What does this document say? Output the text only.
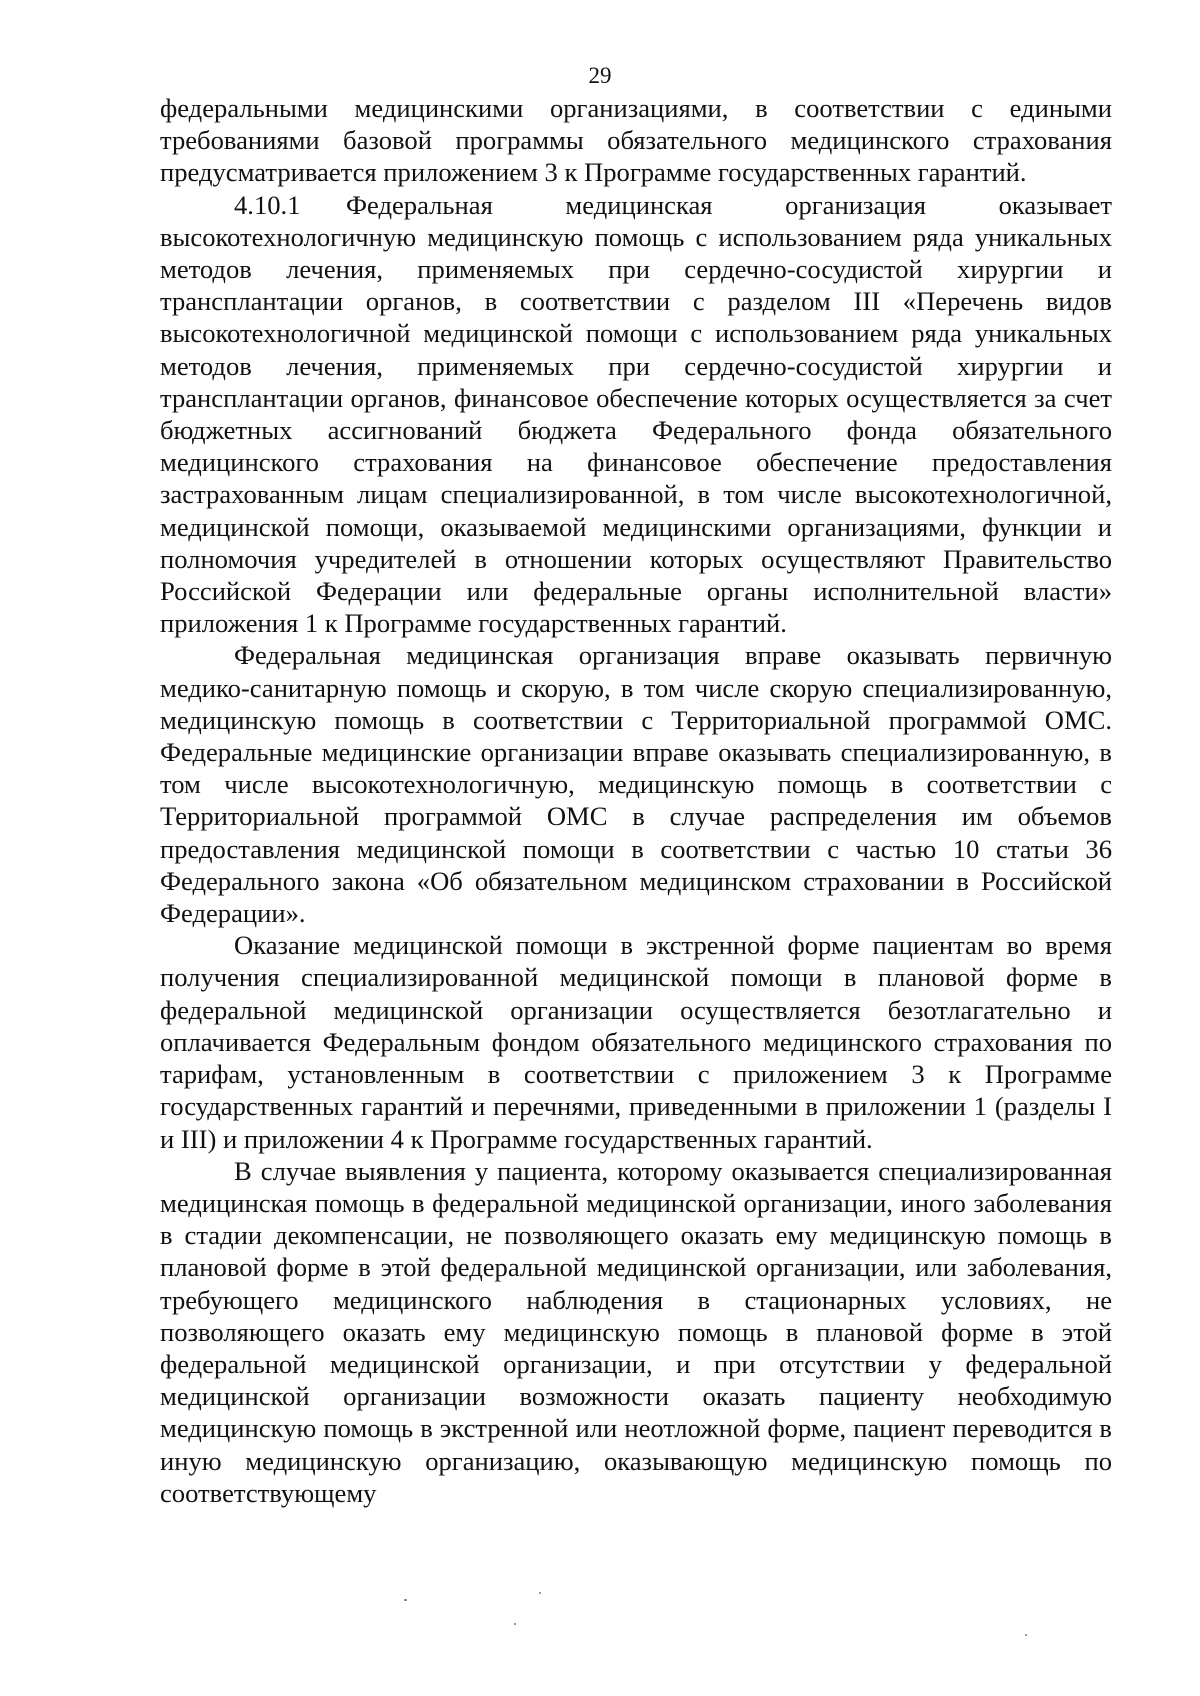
29

федеральными медицинскими организациями, в соответствии с едиными требованиями базовой программы обязательного медицинского страхования предусматривается приложением 3 к Программе государственных гарантий.

4.10.1 Федеральная медицинская организация оказывает высокотехнологичную медицинскую помощь с использованием ряда уникальных методов лечения, применяемых при сердечно-сосудистой хирургии и трансплантации органов, в соответствии с разделом III «Перечень видов высокотехнологичной медицинской помощи с использованием ряда уникальных методов лечения, применяемых при сердечно-сосудистой хирургии и трансплантации органов, финансовое обеспечение которых осуществляется за счет бюджетных ассигнований бюджета Федерального фонда обязательного медицинского страхования на финансовое обеспечение предоставления застрахованным лицам специализированной, в том числе высокотехнологичной, медицинской помощи, оказываемой медицинскими организациями, функции и полномочия учредителей в отношении которых осуществляют Правительство Российской Федерации или федеральные органы исполнительной власти» приложения 1 к Программе государственных гарантий.

Федеральная медицинская организация вправе оказывать первичную медико-санитарную помощь и скорую, в том числе скорую специализированную, медицинскую помощь в соответствии с Территориальной программой ОМС. Федеральные медицинские организации вправе оказывать специализированную, в том числе высокотехнологичную, медицинскую помощь в соответствии с Территориальной программой ОМС в случае распределения им объемов предоставления медицинской помощи в соответствии с частью 10 статьи 36 Федерального закона «Об обязательном медицинском страховании в Российской Федерации».

Оказание медицинской помощи в экстренной форме пациентам во время получения специализированной медицинской помощи в плановой форме в федеральной медицинской организации осуществляется безотлагательно и оплачивается Федеральным фондом обязательного медицинского страхования по тарифам, установленным в соответствии с приложением 3 к Программе государственных гарантий и перечнями, приведенными в приложении 1 (разделы I и III) и приложении 4 к Программе государственных гарантий.

В случае выявления у пациента, которому оказывается специализированная медицинская помощь в федеральной медицинской организации, иного заболевания в стадии декомпенсации, не позволяющего оказать ему медицинскую помощь в плановой форме в этой федеральной медицинской организации, или заболевания, требующего медицинского наблюдения в стационарных условиях, не позволяющего оказать ему медицинскую помощь в плановой форме в этой федеральной медицинской организации, и при отсутствии у федеральной медицинской организации возможности оказать пациенту необходимую медицинскую помощь в экстренной или неотложной форме, пациент переводится в иную медицинскую организацию, оказывающую медицинскую помощь по соответствующему
